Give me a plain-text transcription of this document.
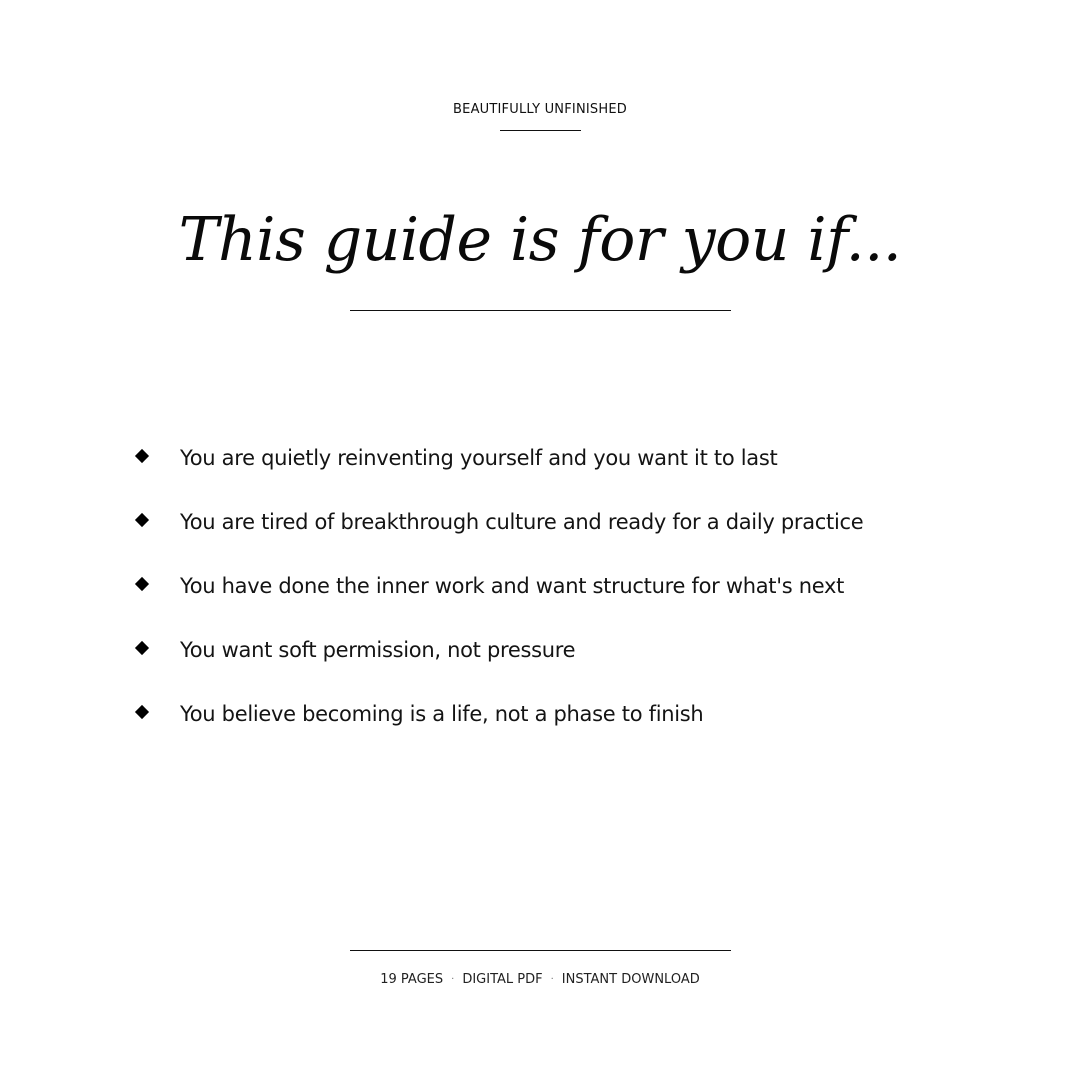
BEAUTIFULLY UNFINISHED
This guide is for you if...
You are quietly reinventing yourself and you want it to last
You are tired of breakthrough culture and ready for a daily practice
You have done the inner work and want structure for what's next
You want soft permission, not pressure
You believe becoming is a life, not a phase to finish
19 PAGES · DIGITAL PDF · INSTANT DOWNLOAD
